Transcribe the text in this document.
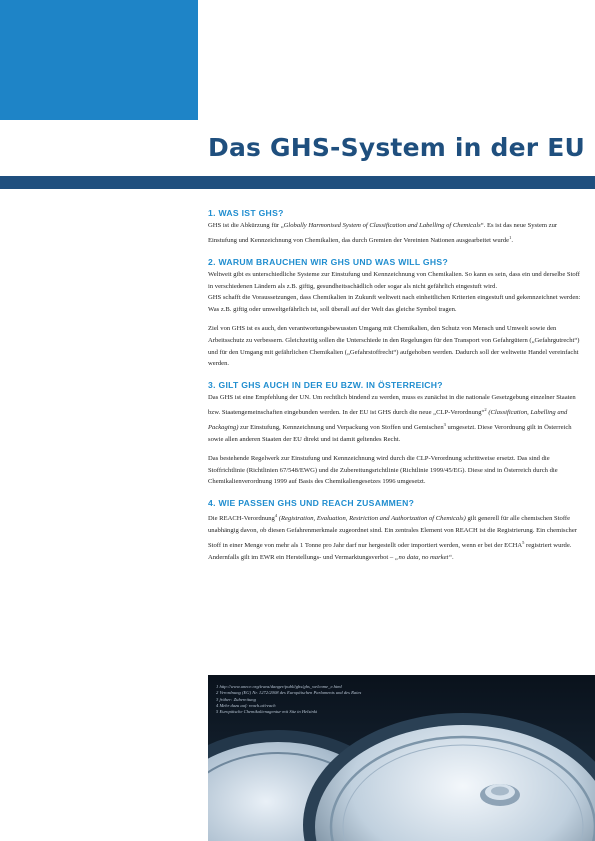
Das GHS-System in der EU
1. WAS IST GHS?

GHS ist die Abkürzung für „Globally Harmonised System of Classification and Labelling of Chemicals“. Es ist das neue System zur Einstufung und Kennzeichnung von Chemikalien, das durch Gremien der Vereinten Nationen ausgearbeitet wurde$^1$.

2. WARUM BRAUCHEN WIR GHS UND WAS WILL GHS?

Weltweit gibt es unterschiedliche Systeme zur Einstufung und Kennzeichnung von Chemikalien. So kann es sein, dass ein und derselbe Stoff in verschiedenen Ländern als z.B. giftig, gesundheitsschädlich oder sogar als nicht gefährlich eingestuft wird.

GHS schafft die Voraussetzungen, dass Chemikalien in Zukunft weltweit nach einheitlichen Kriterien eingestuft und gekennzeichnet werden: Was z.B. giftig oder umweltgefährlich ist, soll überall auf der Welt das gleiche Symbol tragen.

Ziel von GHS ist es auch, den verantwortungsbewussten Umgang mit Chemikalien, den Schutz von Mensch und Umwelt sowie den Arbeitsschutz zu verbessern. Gleichzeitig sollen die Unterschiede in den Regelungen für den Transport von Gefahrgütern („Gefahrgutrecht“) und für den Umgang mit gefährlichen Chemikalien („Gefahrstoffrecht“) aufgehoben werden. Dadurch soll der weltweite Handel vereinfacht werden.

3. GILT GHS AUCH IN DER EU BZW. IN ÖSTERREICH?

Das GHS ist eine Empfehlung der UN. Um rechtlich bindend zu werden, muss es zunächst in die nationale Gesetzgebung einzelner Staaten bzw. Staatengemeinschaften eingebunden werden. In der EU ist GHS durch die neue „CLP-Verordnung“$^2$ (Classification, Labelling and Packaging) zur Einstufung, Kennzeichnung und Verpackung von Stoffen und Gemischen$^3$ umgesetzt. Diese Verordnung gilt in Österreich sowie allen anderen Staaten der EU direkt und ist damit geltendes Recht.

Das bestehende Regelwerk zur Einstufung und Kennzeichnung wird durch die CLP-Verordnung schrittweise ersetzt. Das sind die Stoffrichtlinie (Richtlinien 67/548/EWG) und die Zubereitungsrichtlinie (Richtlinie 1999/45/EG). Diese sind in Österreich durch die Chemikalienverordnung 1999 auf Basis des Chemikaliengesetzes 1996 umgesetzt.

4. WIE PASSEN GHS UND REACH ZUSAMMEN?

Die REACH-Verordnung$^4$ (Registration, Evaluation, Restriction and Authorization of Chemicals) gilt generell für alle chemischen Stoffe unabhängig davon, ob diesen Gefahrenmerkmale zugeordnet sind. Ein zentrales Element von REACH ist die Registrierung. Ein chemischer Stoff in einer Menge von mehr als 1 Tonne pro Jahr darf nur hergestellt oder importiert werden, wenn er bei der ECHA$^5$ registriert wurde. Andernfalls gilt im EWR ein Herstellungs- und Vermarktungsverbot – „no data, no market“.

1 http://www.unece.org/trans/danger/publi/ghs/ghs_welcome_e.html
2 Verordnung (EG) Nr. 1272/2008 des Europäischen Parlaments und des Rates
3 früher: Zubereitung
4 Mehr dazu auf: reach.at/reach
5 Europäische Chemikalienagentur mit Sitz in Helsinki
